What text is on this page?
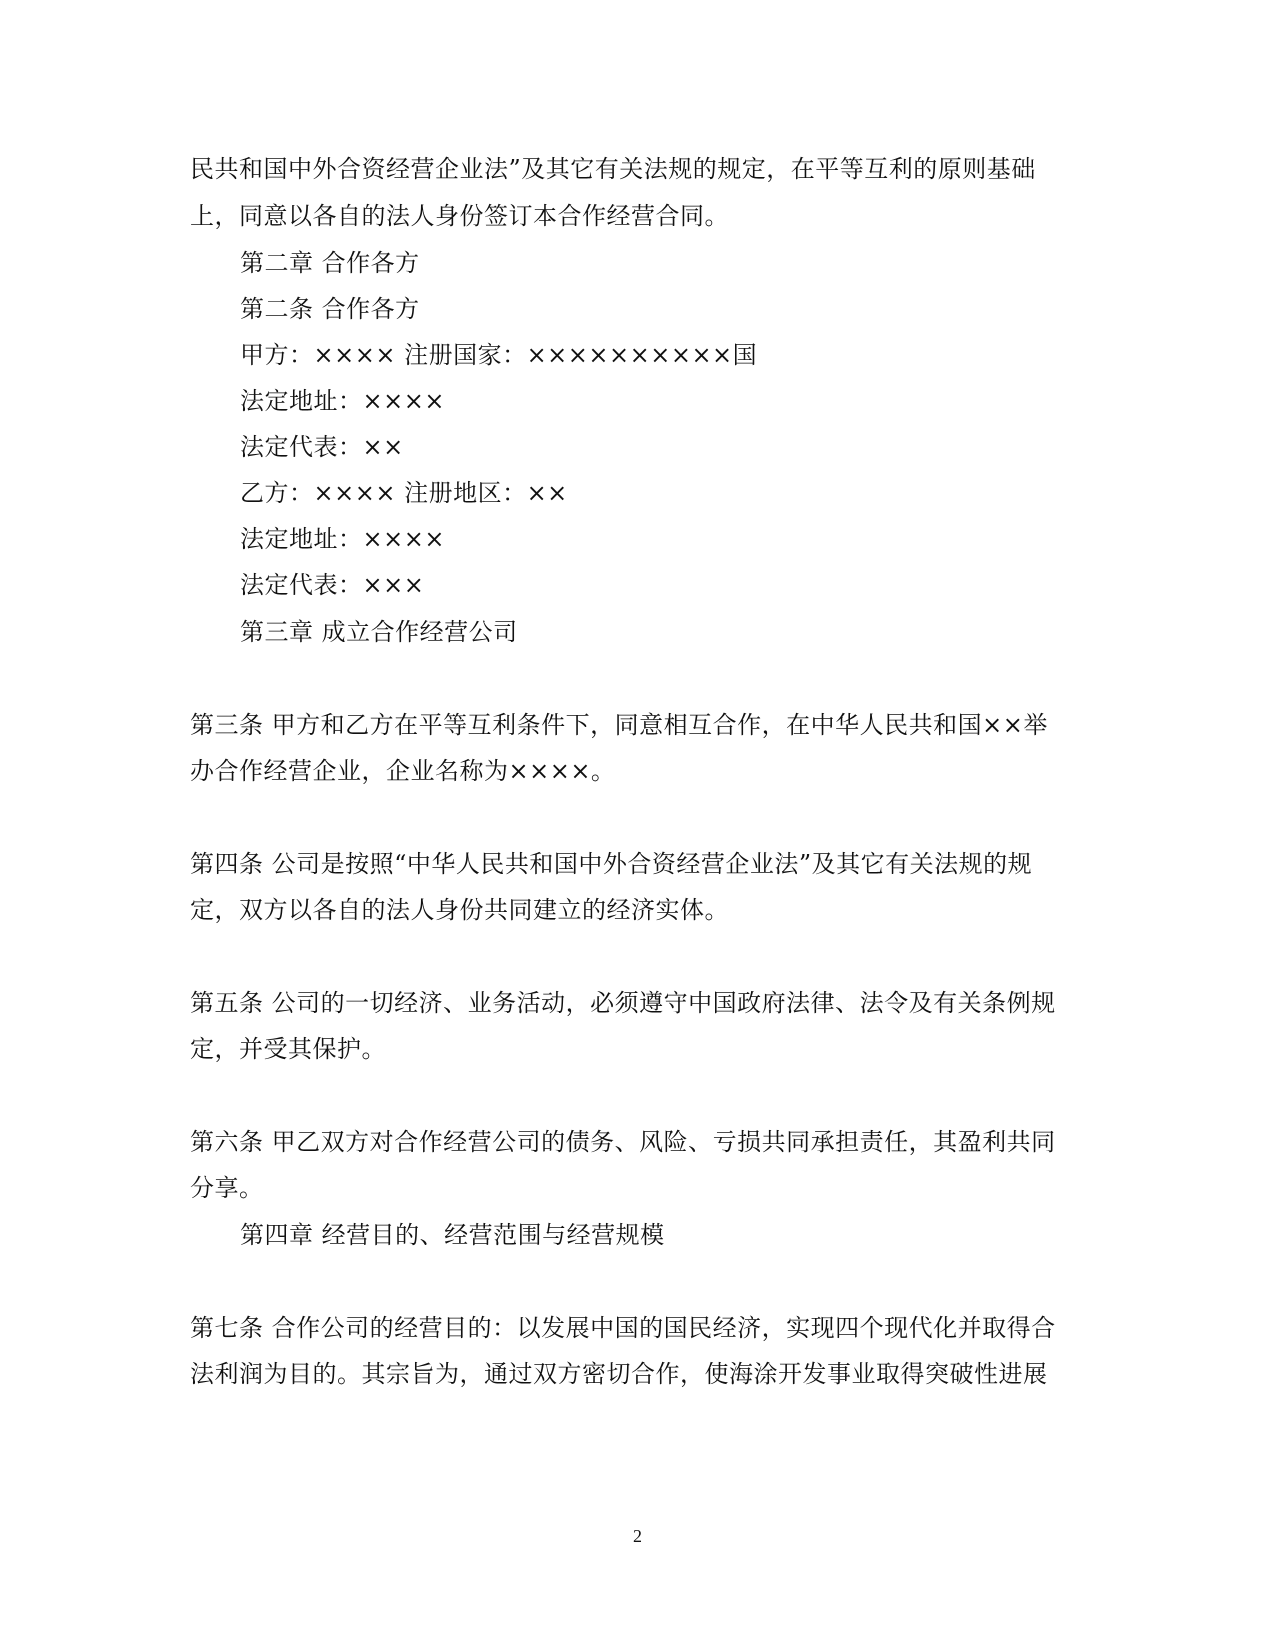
民共和国中外合资经营企业法”及其它有关法规的规定，在平等互利的原则基础
上，同意以各自的法人身份签订本合作经营合同。
第二章 合作各方
第二条 合作各方
甲方：×××× 注册国家：××××××××××国
法定地址：××××
法定代表：××
乙方：×××× 注册地区：××
法定地址：××××
法定代表：×××
第三章 成立合作经营公司
第三条 甲方和乙方在平等互利条件下，同意相互合作，在中华人民共和国××举
办合作经营企业，企业名称为××××。
第四条 公司是按照“中华人民共和国中外合资经营企业法”及其它有关法规的规
定，双方以各自的法人身份共同建立的经济实体。
第五条 公司的一切经济、业务活动，必须遵守中国政府法律、法令及有关条例规
定，并受其保护。
第六条 甲乙双方对合作经营公司的债务、风险、亏损共同承担责任，其盈利共同
分享。
第四章 经营目的、经营范围与经营规模
第七条 合作公司的经营目的：以发展中国的国民经济，实现四个现代化并取得合
法利润为目的。其宗旨为，通过双方密切合作，使海涂开发事业取得突破性进展
2
